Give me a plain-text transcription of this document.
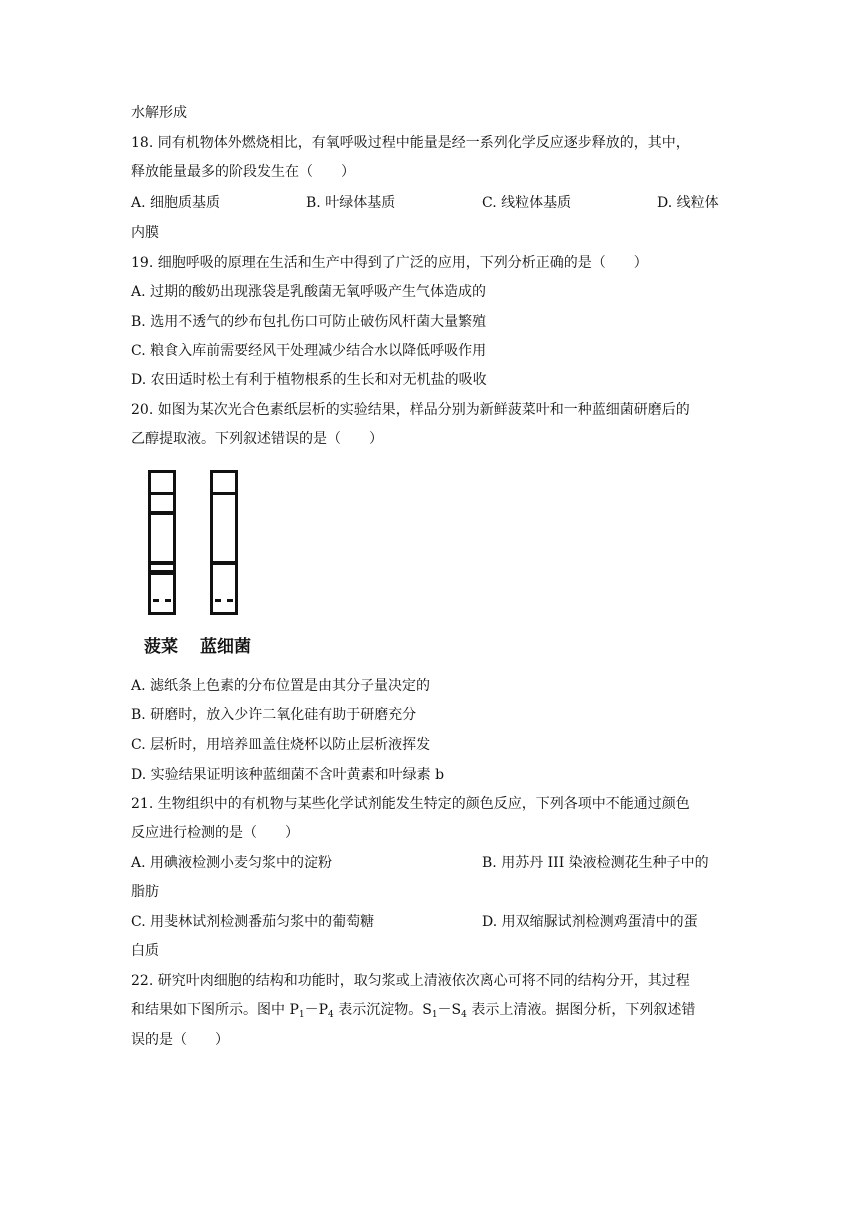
水解形成
18. 同有机物体外燃烧相比，有氧呼吸过程中能量是经一系列化学反应逐步释放的，其中，
释放能量最多的阶段发生在（　　）
A. 细胞质基质	B. 叶绿体基质	C. 线粒体基质	D. 线粒体
内膜
19. 细胞呼吸的原理在生活和生产中得到了广泛的应用，下列分析正确的是（　　）
A. 过期的酸奶出现涨袋是乳酸菌无氧呼吸产生气体造成的
B. 选用不透气的纱布包扎伤口可防止破伤风杆菌大量繁殖
C. 粮食入库前需要经风干处理减少结合水以降低呼吸作用
D. 农田适时松土有利于植物根系的生长和对无机盐的吸收
20. 如图为某次光合色素纸层析的实验结果，样品分别为新鲜菠菜叶和一种蓝细菌研磨后的
乙醇提取液。下列叙述错误的是（　　）
菠菜 蓝细菌
A. 滤纸条上色素的分布位置是由其分子量决定的
B. 研磨时，放入少许二氧化硅有助于研磨充分
C. 层析时，用培养皿盖住烧杯以防止层析液挥发
D. 实验结果证明该种蓝细菌不含叶黄素和叶绿素 b
21. 生物组织中的有机物与某些化学试剂能发生特定的颜色反应，下列各项中不能通过颜色
反应进行检测的是（　　）
A. 用碘液检测小麦匀浆中的淀粉	B. 用苏丹 III 染液检测花生种子中的
脂肪
C. 用斐林试剂检测番茄匀浆中的葡萄糖	D. 用双缩脲试剂检测鸡蛋清中的蛋
白质
22. 研究叶肉细胞的结构和功能时，取匀浆或上清液依次离心可将不同的结构分开，其过程
和结果如下图所示。图中 $P_1-P_4$ 表示沉淀物。$S_1-S_4$ 表示上清液。据图分析，下列叙述错
误的是（　　）
